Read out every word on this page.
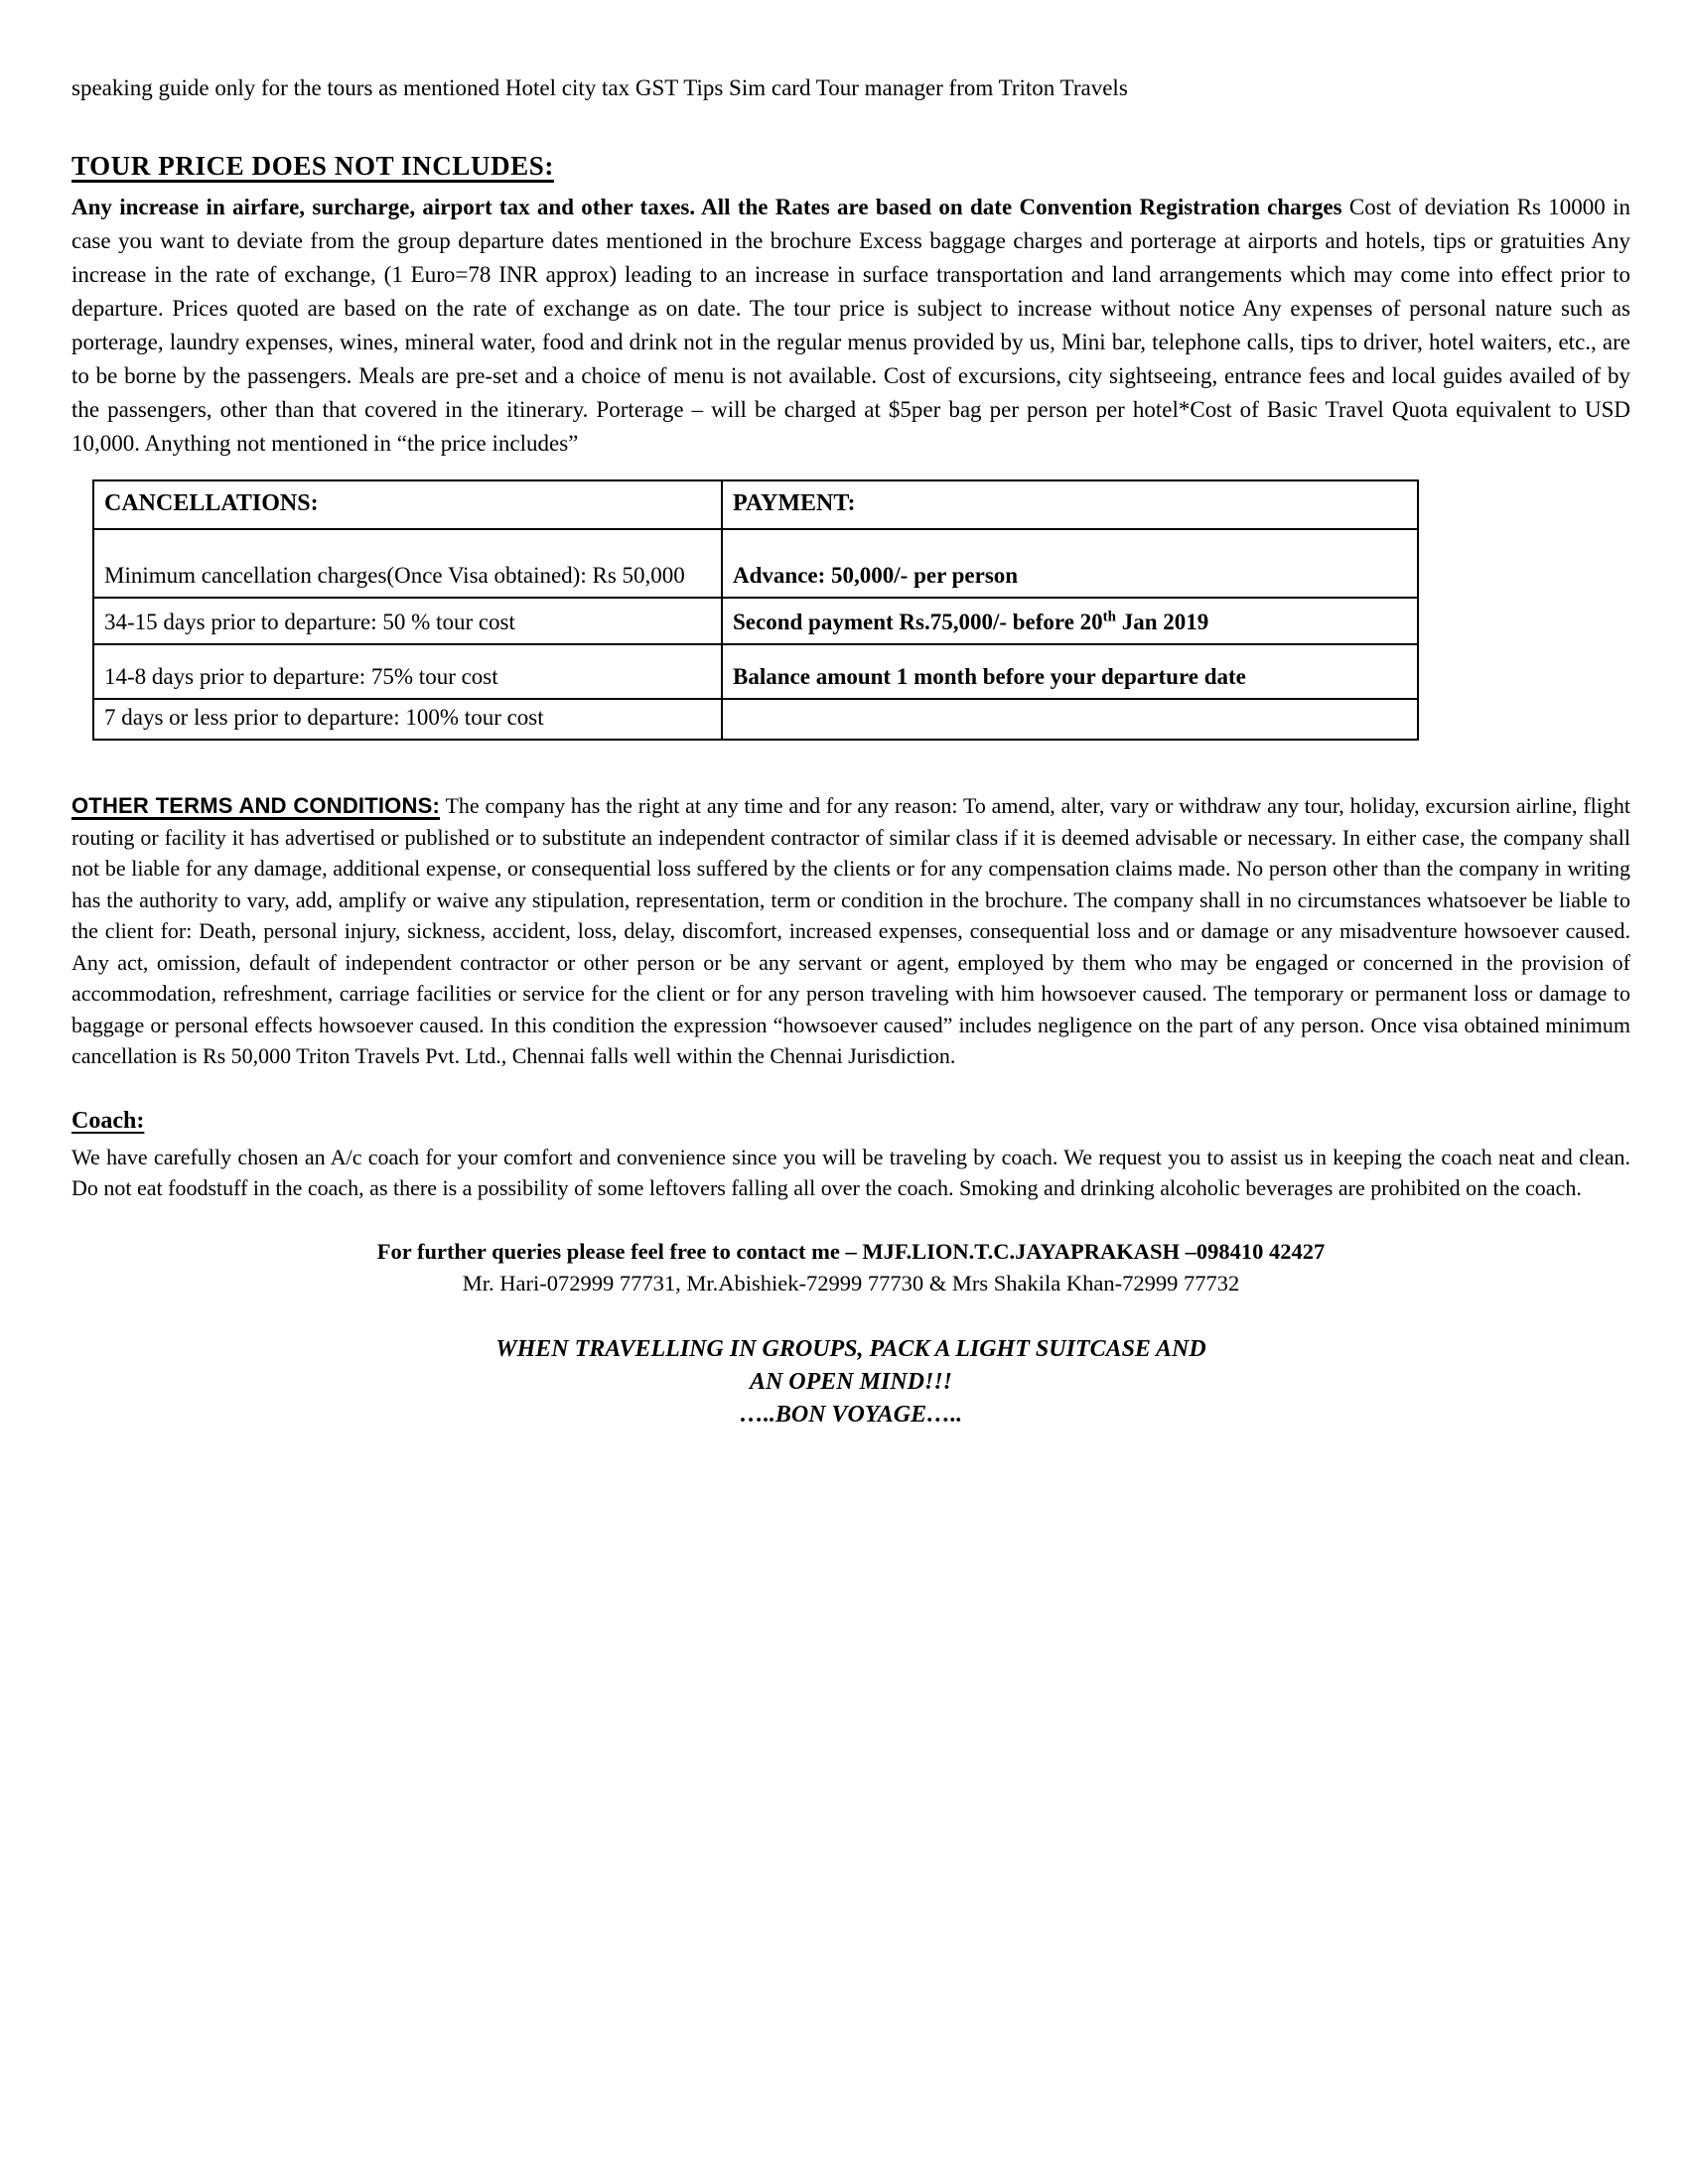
speaking guide only for the tours as mentioned Hotel city tax GST Tips Sim card Tour manager from Triton Travels

TOUR PRICE DOES NOT INCLUDES:

Any increase in airfare, surcharge, airport tax and other taxes. All the Rates are based on date Convention Registration charges Cost of deviation Rs 10000 in case you want to deviate from the group departure dates mentioned in the brochure Excess baggage charges and porterage at airports and hotels, tips or gratuities Any increase in the rate of exchange, (1 Euro=78 INR approx) leading to an increase in surface transportation and land arrangements which may come into effect prior to departure. Prices quoted are based on the rate of exchange as on date. The tour price is subject to increase without notice Any expenses of personal nature such as porterage, laundry expenses, wines, mineral water, food and drink not in the regular menus provided by us, Mini bar, telephone calls, tips to driver, hotel waiters, etc., are to be borne by the passengers. Meals are pre-set and a choice of menu is not available. Cost of excursions, city sightseeing, entrance fees and local guides availed of by the passengers, other than that covered in the itinerary. Porterage – will be charged at $5per bag per person per hotel*Cost of Basic Travel Quota equivalent to USD 10,000. Anything not mentioned in “the price includes”

CANCELLATIONS:	PAYMENT:
Minimum cancellation charges(Once Visa obtained): Rs 50,000	Advance: 50,000/- per person
34-15 days prior to departure: 50 % tour cost	Second payment Rs.75,000/- before 20th Jan 2019
14-8 days prior to departure: 75% tour cost	Balance amount 1 month before your departure date
7 days or less prior to departure: 100% tour cost	

OTHER TERMS AND CONDITIONS: The company has the right at any time and for any reason: To amend, alter, vary or withdraw any tour, holiday, excursion airline, flight routing or facility it has advertised or published or to substitute an independent contractor of similar class if it is deemed advisable or necessary. In either case, the company shall not be liable for any damage, additional expense, or consequential loss suffered by the clients or for any compensation claims made. No person other than the company in writing has the authority to vary, add, amplify or waive any stipulation, representation, term or condition in the brochure. The company shall in no circumstances whatsoever be liable to the client for: Death, personal injury, sickness, accident, loss, delay, discomfort, increased expenses, consequential loss and or damage or any misadventure howsoever caused. Any act, omission, default of independent contractor or other person or be any servant or agent, employed by them who may be engaged or concerned in the provision of accommodation, refreshment, carriage facilities or service for the client or for any person traveling with him howsoever caused. The temporary or permanent loss or damage to baggage or personal effects howsoever caused. In this condition the expression “howsoever caused” includes negligence on the part of any person. Once visa obtained minimum cancellation is Rs 50,000 Triton Travels Pvt. Ltd., Chennai falls well within the Chennai Jurisdiction.

Coach:

We have carefully chosen an A/c coach for your comfort and convenience since you will be traveling by coach. We request you to assist us in keeping the coach neat and clean. Do not eat foodstuff in the coach, as there is a possibility of some leftovers falling all over the coach. Smoking and drinking alcoholic beverages are prohibited on the coach.

For further queries please feel free to contact me – MJF.LION.T.C.JAYAPRAKASH –098410 42427
Mr. Hari-072999 77731, Mr.Abishiek-72999 77730 & Mrs Shakila Khan-72999 77732
WHEN TRAVELLING IN GROUPS, PACK A LIGHT SUITCASE AND
AN OPEN MIND!!!
…..BON VOYAGE…..
